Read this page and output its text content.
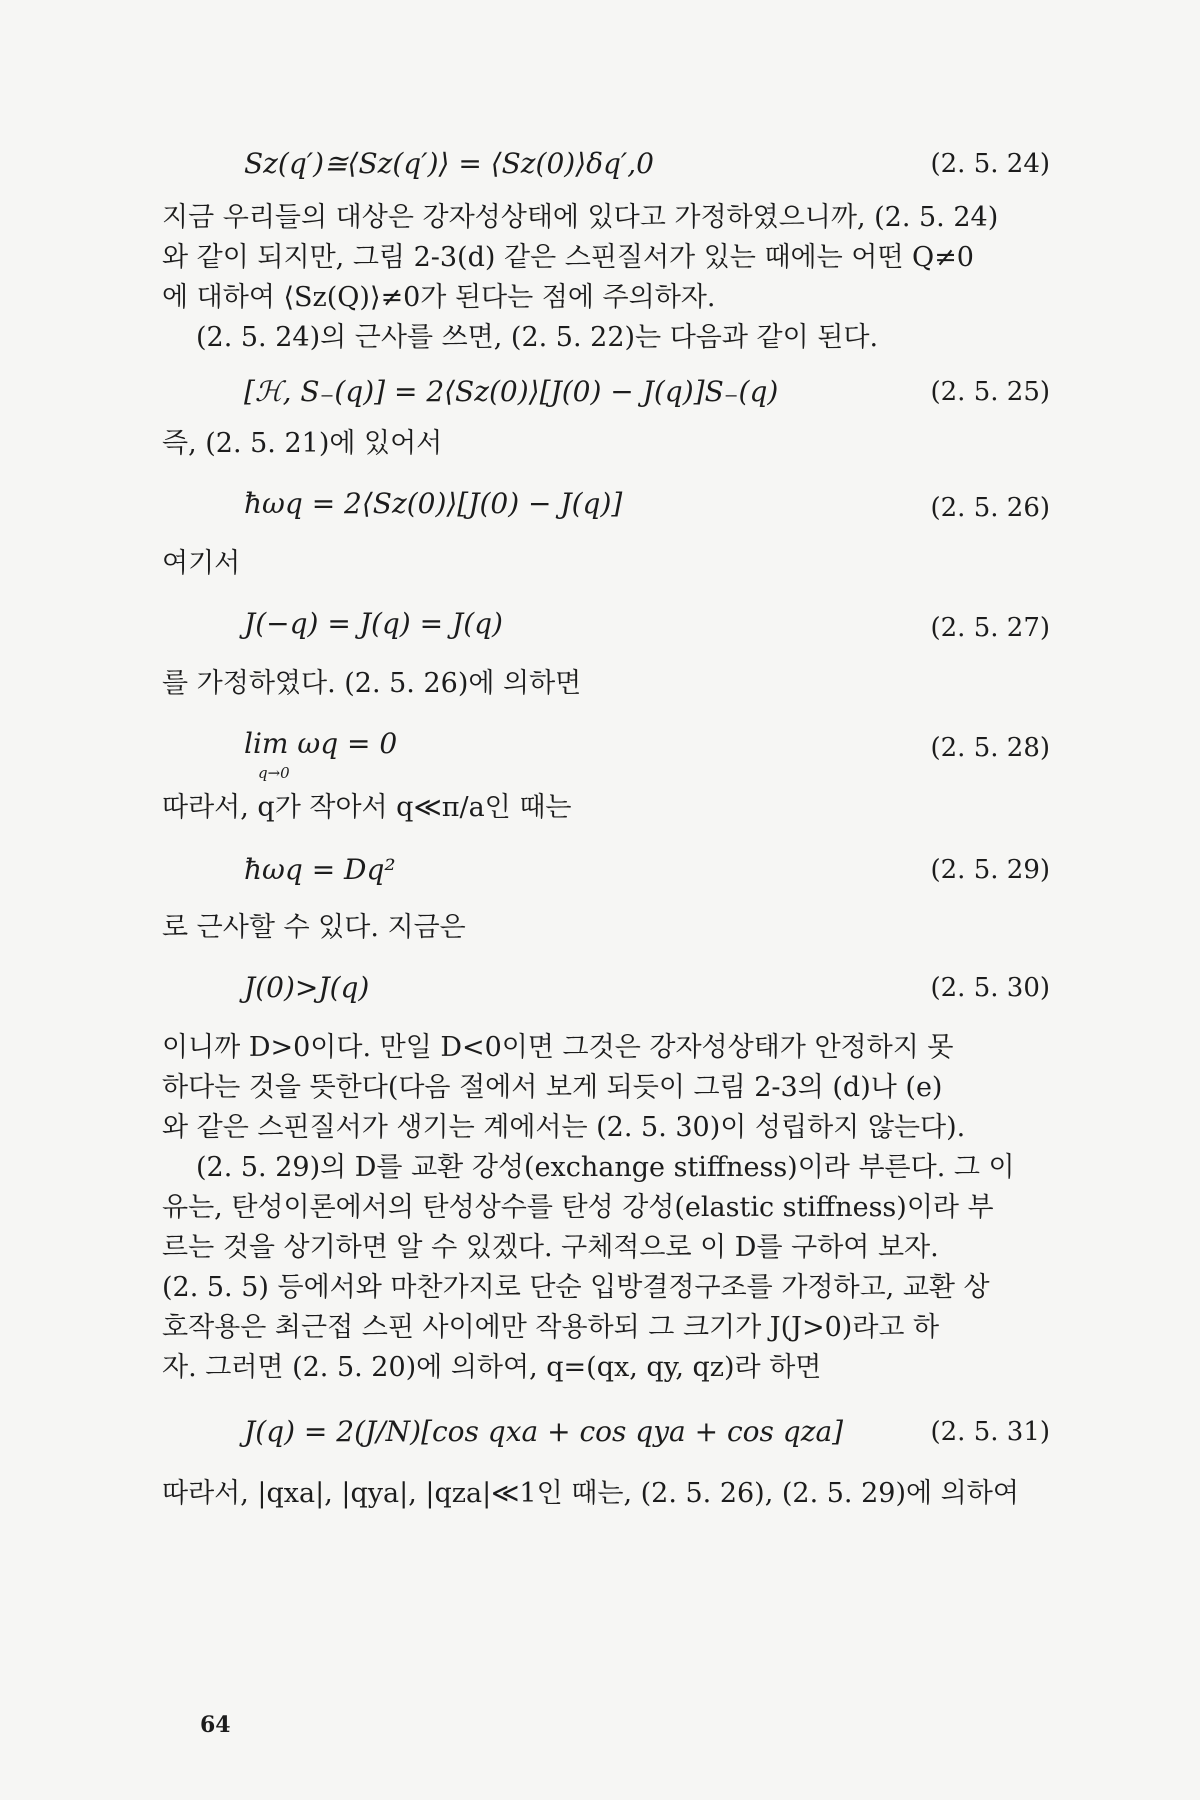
Sz(q′)≅⟨Sz(q′)⟩ = ⟨Sz(0)⟩δq′,0	(2. 5. 24)
지금 우리들의 대상은 강자성상태에 있다고 가정하였으니까, (2. 5. 24)
와 같이 되지만, 그림 2-3(d) 같은 스핀질서가 있는 때에는 어떤 Q≠0
에 대하여 ⟨Sz(Q)⟩≠0가 된다는 점에 주의하자.
(2. 5. 24)의 근사를 쓰면, (2. 5. 22)는 다음과 같이 된다.
[ℋ, S₋(q)] = 2⟨Sz(0)⟩[J(0) − J(q)]S₋(q)	(2. 5. 25)
즉, (2. 5. 21)에 있어서
ħωq = 2⟨Sz(0)⟩[J(0) − J(q)]	(2. 5. 26)
여기서
J(−q) = J(q) = J(q)	(2. 5. 27)
를 가정하였다. (2. 5. 26)에 의하면
lim ωq = 0
q→0
(2. 5. 28)
따라서, q가 작아서 q≪π/a인 때는
ħωq = Dq²	(2. 5. 29)
로 근사할 수 있다. 지금은
J(0)>J(q)	(2. 5. 30)
이니까 D>0이다. 만일 D<0이면 그것은 강자성상태가 안정하지 못
하다는 것을 뜻한다(다음 절에서 보게 되듯이 그림 2-3의 (d)나 (e)
와 같은 스핀질서가 생기는 계에서는 (2. 5. 30)이 성립하지 않는다).
(2. 5. 29)의 D를 교환 강성(exchange stiffness)이라 부른다. 그 이
유는, 탄성이론에서의 탄성상수를 탄성 강성(elastic stiffness)이라 부
르는 것을 상기하면 알 수 있겠다. 구체적으로 이 D를 구하여 보자.
(2. 5. 5) 등에서와 마찬가지로 단순 입방결정구조를 가정하고, 교환 상
호작용은 최근접 스핀 사이에만 작용하되 그 크기가 J(J>0)라고 하
자. 그러면 (2. 5. 20)에 의하여, q=(qx, qy, qz)라 하면
J(q) = 2(J/N)[cos qxa + cos qya + cos qza]	(2. 5. 31)
따라서, |qxa|, |qya|, |qza|≪1인 때는, (2. 5. 26), (2. 5. 29)에 의하여
64
